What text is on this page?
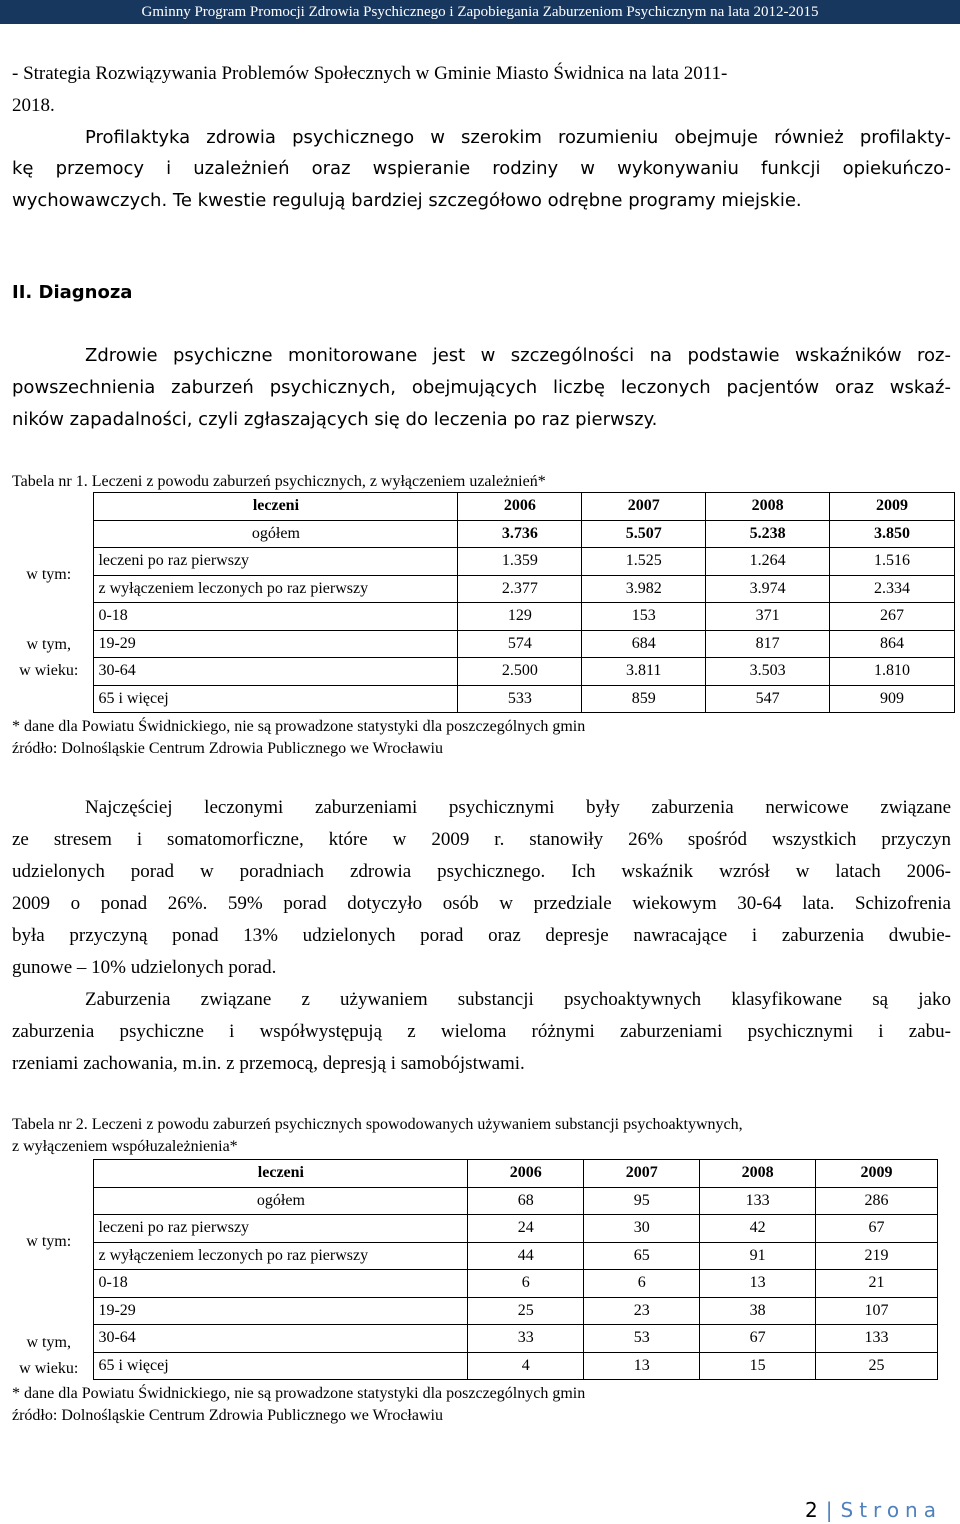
Gminny Program Promocji Zdrowia Psychicznego i Zapobiegania Zaburzeniom Psychicznym na lata 2012-2015
- Strategia Rozwiązywania Problemów Społecznych w Gminie Miasto Świdnica na lata 2011-
2018.
Profilaktyka zdrowia psychicznego w szerokim rozumieniu obejmuje również profilakty-
kę przemocy i uzależnień oraz wspieranie rodziny w wykonywaniu funkcji opiekuńczo-
wychowawczych. Te kwestie regulują bardziej szczegółowo odrębne programy miejskie.
II. Diagnoza
Zdrowie psychiczne monitorowane jest w szczególności na podstawie wskaźników roz-
powszechnienia zaburzeń psychicznych, obejmujących liczbę leczonych pacjentów oraz wskaź-
ników zapadalności, czyli zgłaszających się do leczenia po raz pierwszy.
Tabela nr 1. Leczeni z powodu zaburzeń psychicznych, z wyłączeniem uzależnień*
	leczeni	2006	2007	2008	2009
	ogółem	3.736	5.507	5.238	3.850
w tym:	leczeni po raz pierwszy	1.359	1.525	1.264	1.516
	z wyłączeniem leczonych po raz pierwszy	2.377	3.982	3.974	2.334

w tym,
w wieku:	0-18	129	153	371	267
	19-29	574	684	817	864
	30-64	2.500	3.811	3.503	1.810
	65 i więcej	533	859	547	909
* dane dla Powiatu Świdnickiego, nie są prowadzone statystyki dla poszczególnych gmin
źródło: Dolnośląskie Centrum Zdrowia Publicznego we Wrocławiu
Najczęściej leczonymi zaburzeniami psychicznymi były zaburzenia nerwicowe związane
ze stresem i somatomorficzne, które w 2009 r. stanowiły 26% spośród wszystkich przyczyn
udzielonych porad w poradniach zdrowia psychicznego. Ich wskaźnik wzrósł w latach 2006-
2009 o ponad 26%. 59% porad dotyczyło osób w przedziale wiekowym 30-64 lata. Schizofrenia
była przyczyną ponad 13% udzielonych porad oraz depresje nawracające i zaburzenia dwubie-
gunowe – 10% udzielonych porad.
Zaburzenia związane z używaniem substancji psychoaktywnych klasyfikowane są jako
zaburzenia psychiczne i współwystępują z wieloma różnymi zaburzeniami psychicznymi i zabu-
rzeniami zachowania, m.in. z przemocą, depresją i samobójstwami.
Tabela nr 2. Leczeni z powodu zaburzeń psychicznych spowodowanych używaniem substancji psychoaktywnych,
z wyłączeniem współuzależnienia*
	leczeni	2006	2007	2008	2009
	ogółem	68	95	133	286
w tym:	leczeni po raz pierwszy	24	30	42	67
	z wyłączeniem leczonych po raz pierwszy	44	65	91	219

w tym,
w wieku:	0-18	6	6	13	21
	19-29	25	23	38	107
	30-64	33	53	67	133
	65 i więcej	4	13	15	25
* dane dla Powiatu Świdnickiego, nie są prowadzone statystyki dla poszczególnych gmin
źródło: Dolnośląskie Centrum Zdrowia Publicznego we Wrocławiu
2 | Strona
